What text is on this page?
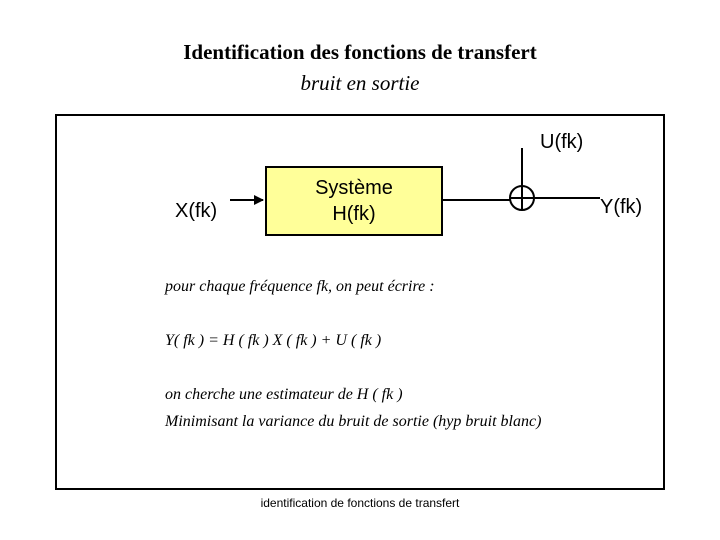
Identification des fonctions de transfert
bruit en sortie
Système
H(fk)
X(fk)
U(fk)
Y(fk)
pour chaque fréquence fk, on peut écrire :
Y( fk ) = H ( fk ) X ( fk ) + U ( fk )
on cherche une estimateur de H ( fk )
Minimisant la variance du bruit de sortie (hyp bruit blanc)
identification de fonctions de transfert
